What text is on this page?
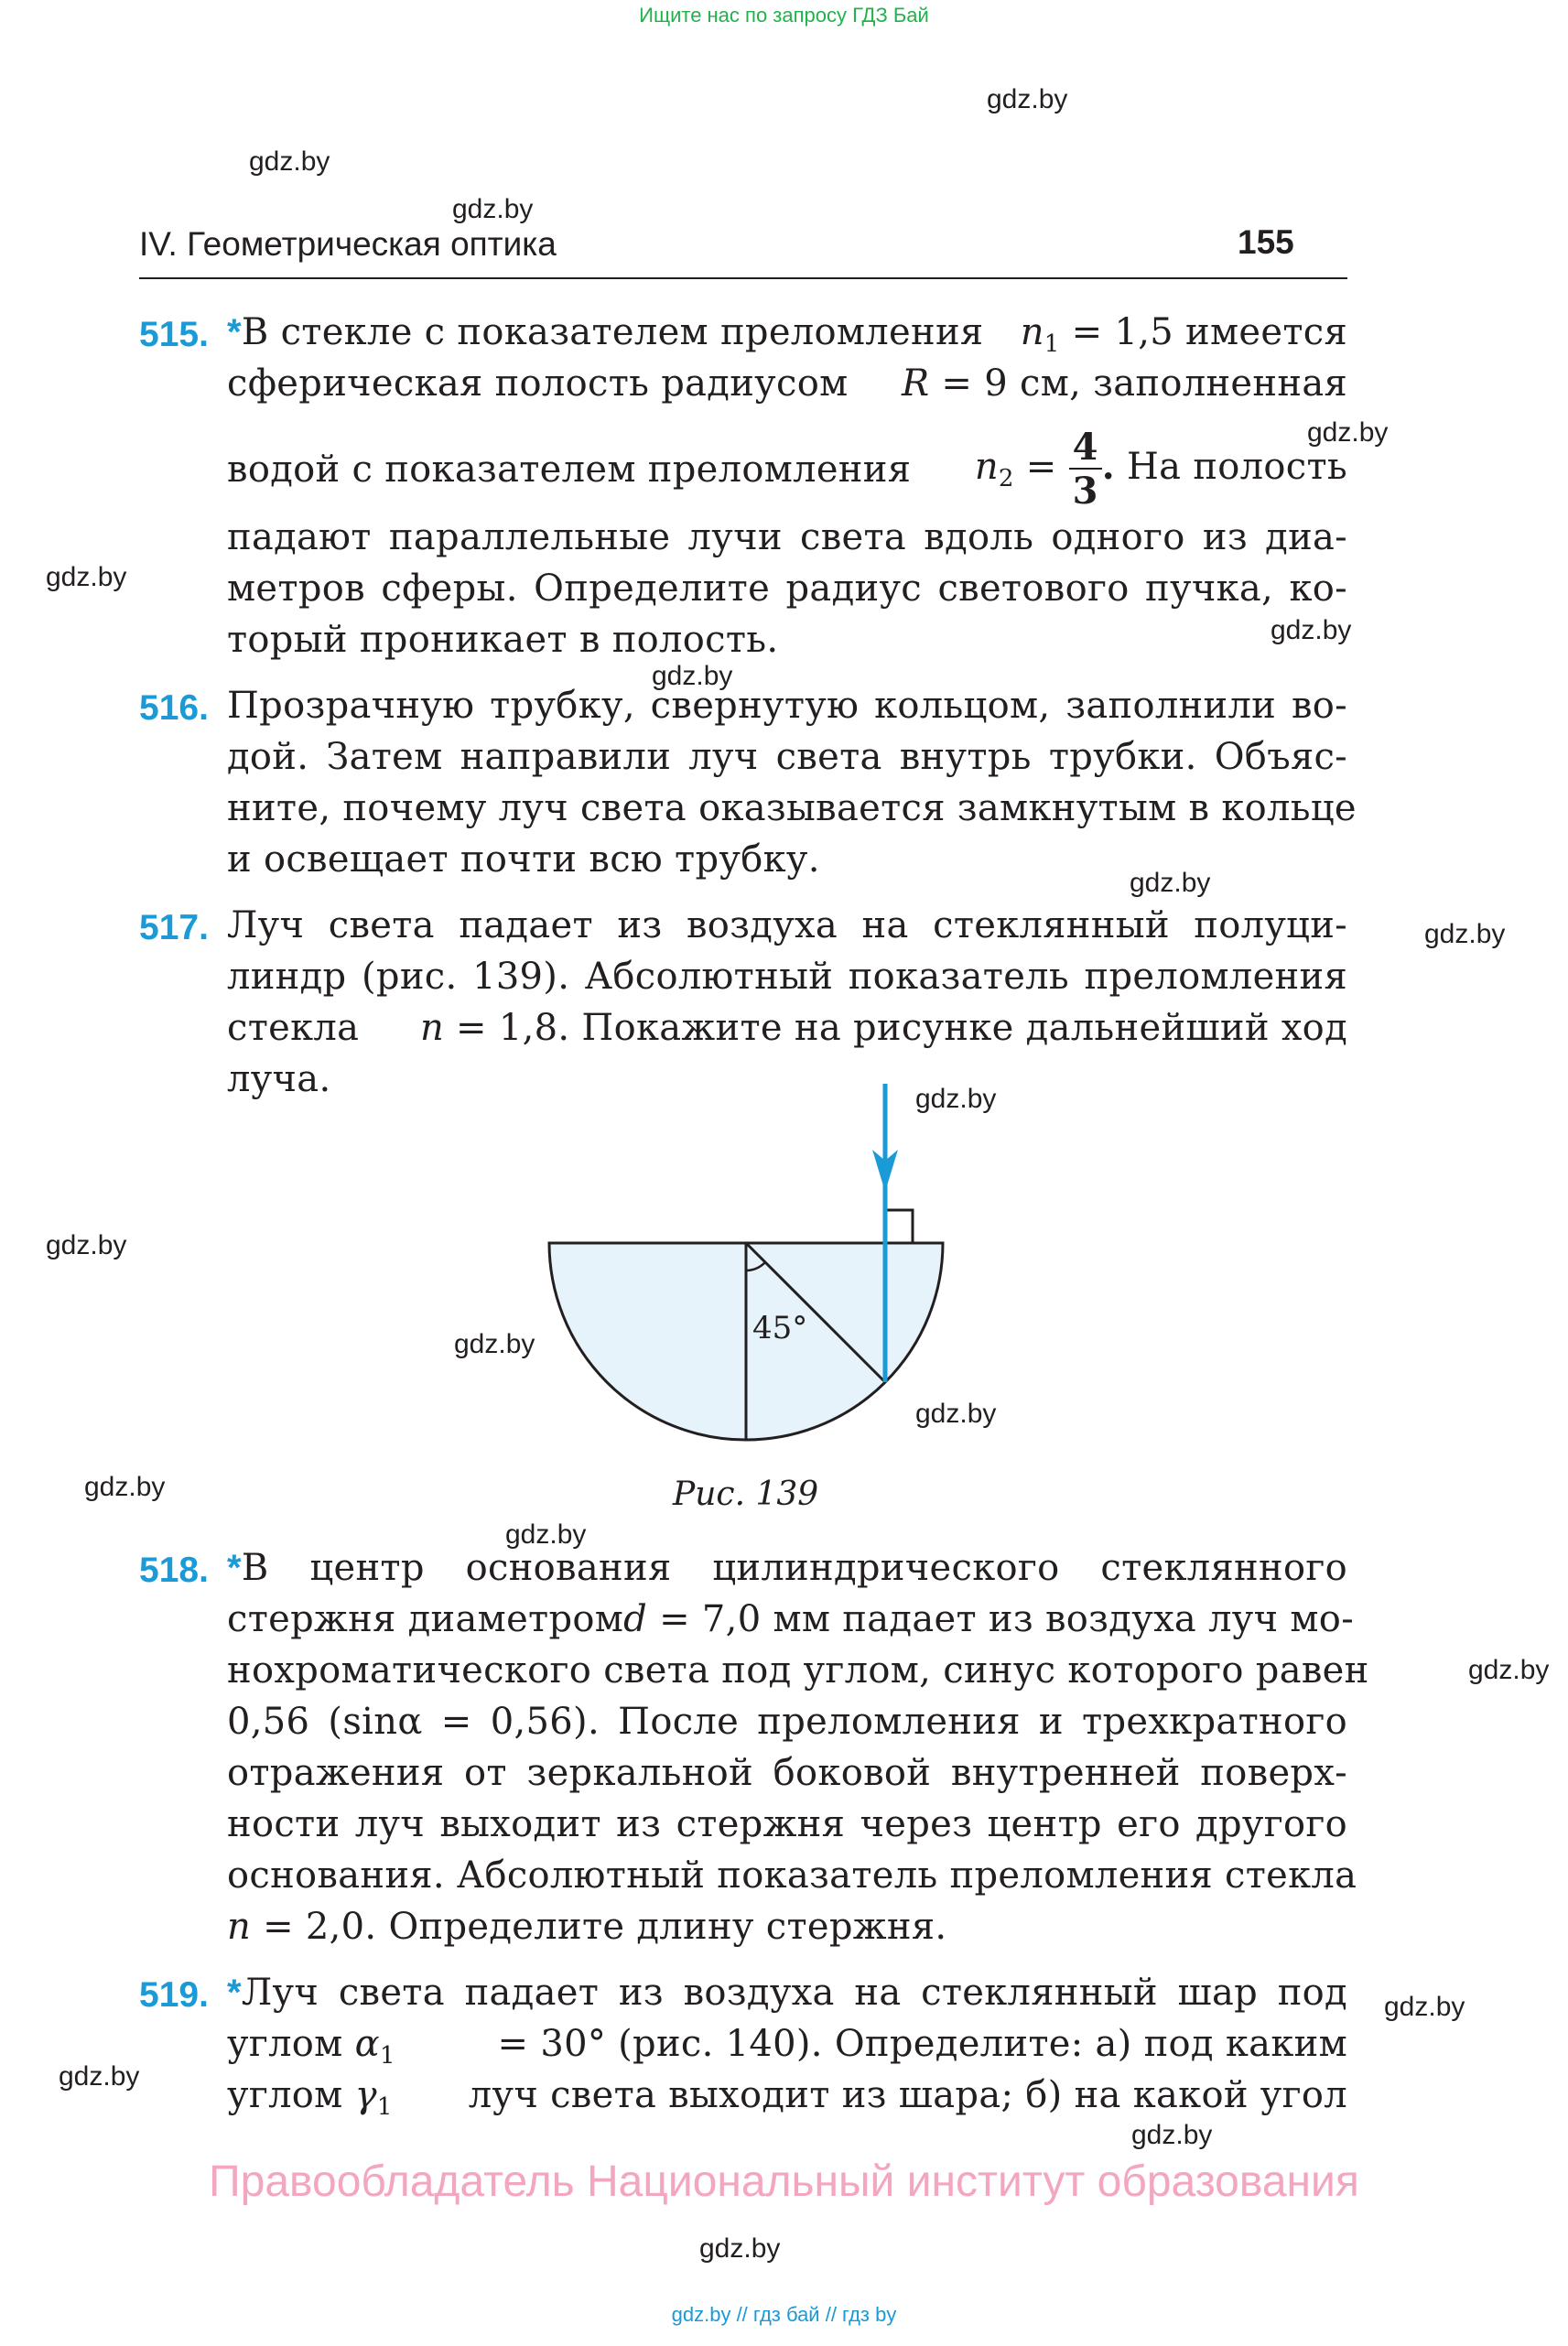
Ищите нас по запросу ГДЗ Бай
gdz.by
gdz.by
gdz.by
gdz.by
gdz.by
gdz.by
gdz.by
gdz.by
gdz.by
gdz.by
gdz.by
gdz.by
gdz.by
gdz.by
gdz.by
gdz.by
gdz.by
gdz.by
gdz.by
gdz.by
IV. Геометрическая оптика	155
515. *В стекле с показателем преломления $n_1 = 1,5$ имеется
сферическая полость радиусом R = 9 см, заполненная
водой с показателем преломления $n_2 = \frac{4}{3}$ . На полость
падают параллельные лучи света вдоль одного из диа-
метров сферы. Определите радиус светового пучка, ко-
торый проникает в полость.
516. Прозрачную трубку, свернутую кольцом, заполнили во-
дой. Затем направили луч света внутрь трубки. Объяс-
ните, почему луч света оказывается замкнутым в кольце
и освещает почти всю трубку.
517. Луч света падает из воздуха на стеклянный полуци-
линдр (рис. 139). Абсолютный показатель преломления
стекла n = 1,8. Покажите на рисунке дальнейший ход
луча.
45°
Рис. 139
518. *В центр основания цилиндрического стеклянного
стержня диаметром d = 7,0 мм падает из воздуха луч мо-
нохроматического света под углом, синус которого равен
0,56 (sinα = 0,56). После преломления и трехкратного
отражения от зеркальной боковой внутренней поверх-
ности луч выходит из стержня через центр его другого
основания. Абсолютный показатель преломления стекла
n = 2,0. Определите длину стержня.
519. *Луч света падает из воздуха на стеклянный шар под
углом $\alpha_1$	= 30° (рис. 140). Определите: а) под каким
углом $\gamma_1$ луч света выходит из шара; б) на какой угол
Правообладатель Национальный институт образования
gdz.by // гдз бай // гдз by
